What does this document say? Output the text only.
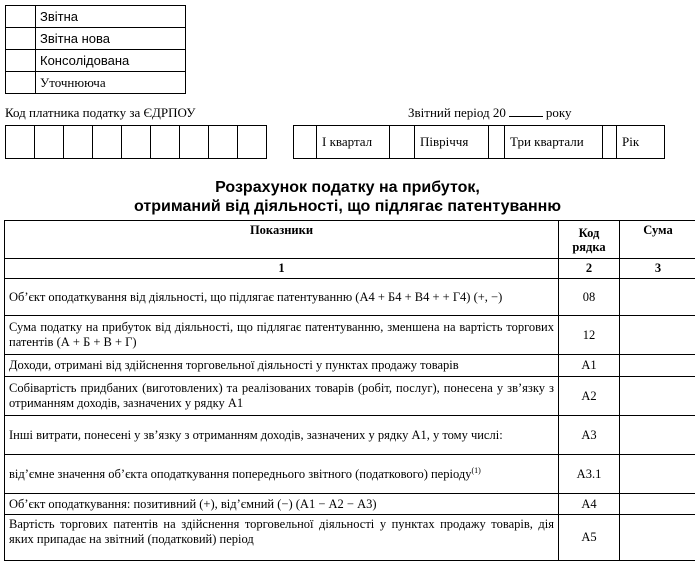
	Звітна
	Звітна нова
	Консолідована
	Уточнююча
Код платника податку за ЄДРПОУ
									Звітний період 20	року
	I квартал		Півріччя		Три квартали		Рік
Розрахунок податку на прибуток,
отриманий від діяльності, що підлягає патентуванню
Показники	Код рядка	Сума
1	2	3
Об’єкт оподаткування від діяльності, що підлягає патентуванню (А4 + Б4 + В4 + + Г4) (+, −)	08	
Сума податку на прибуток від діяльності, що підлягає патентуванню, зменшена на вартість торгових патентів (А + Б + В + Г)	12	
Доходи, отримані від здійснення торговельної діяльності у пунктах продажу товарів	А1	
Собівартість придбаних (виготовлених) та реалізованих товарів (робіт, послуг), понесена у зв’язку з отриманням доходів, зазначених у рядку А1	А2	
Інші витрати, понесені у зв’язку з отриманням доходів, зазначених у рядку А1, у тому числі:	А3	
від’ємне значення об’єкта оподаткування попереднього звітного (податкового) періоду$^{(1)}$	А3.1	
Об’єкт оподаткування: позитивний (+), від’ємний (−) (А1 − А2 − А3)	А4	
Вартість торгових патентів на здійснення торговельної діяльності у пунктах продажу товарів, дія яких припадає на звітний (податковий) період	А5	
